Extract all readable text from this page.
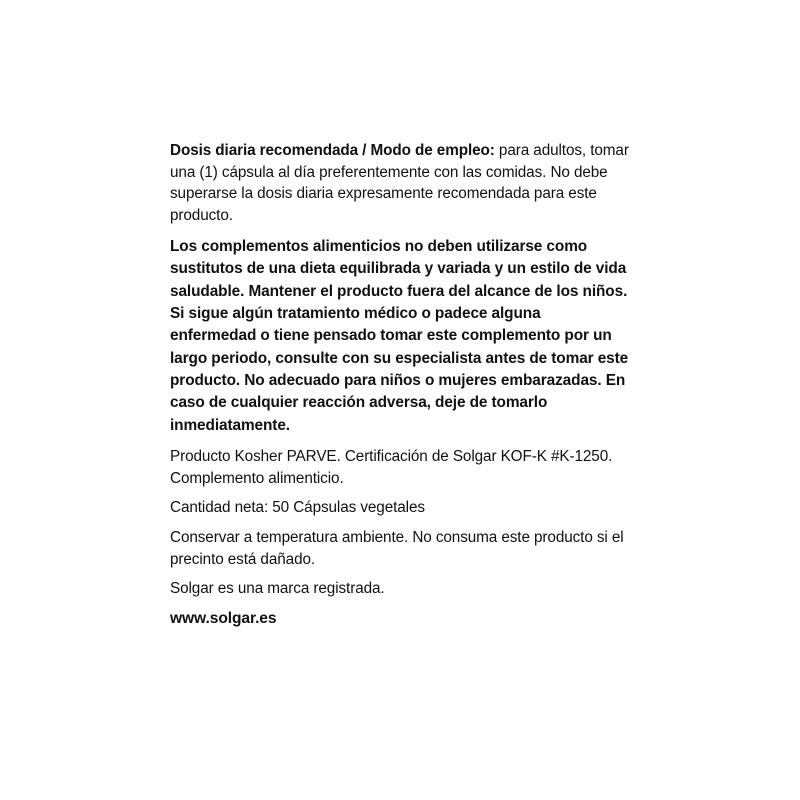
Dosis diaria recomendada / Modo de empleo: para adultos, tomar una (1) cápsula al día preferentemente con las comidas. No debe superarse la dosis diaria expresamente recomendada para este producto.

Los complementos alimenticios no deben utilizarse como sustitutos de una dieta equilibrada y variada y un estilo de vida saludable. Mantener el producto fuera del alcance de los niños. Si sigue algún tratamiento médico o padece alguna enfermedad o tiene pensado tomar este complemento por un largo periodo, consulte con su especialista antes de tomar este producto. No adecuado para niños o mujeres embarazadas. En caso de cualquier reacción adversa, deje de tomarlo inmediatamente.

Producto Kosher PARVE. Certificación de Solgar KOF-K #K-1250. Complemento alimenticio.

Cantidad neta: 50 Cápsulas vegetales

Conservar a temperatura ambiente. No consuma este producto si el precinto está dañado.

Solgar es una marca registrada.

www.solgar.es
